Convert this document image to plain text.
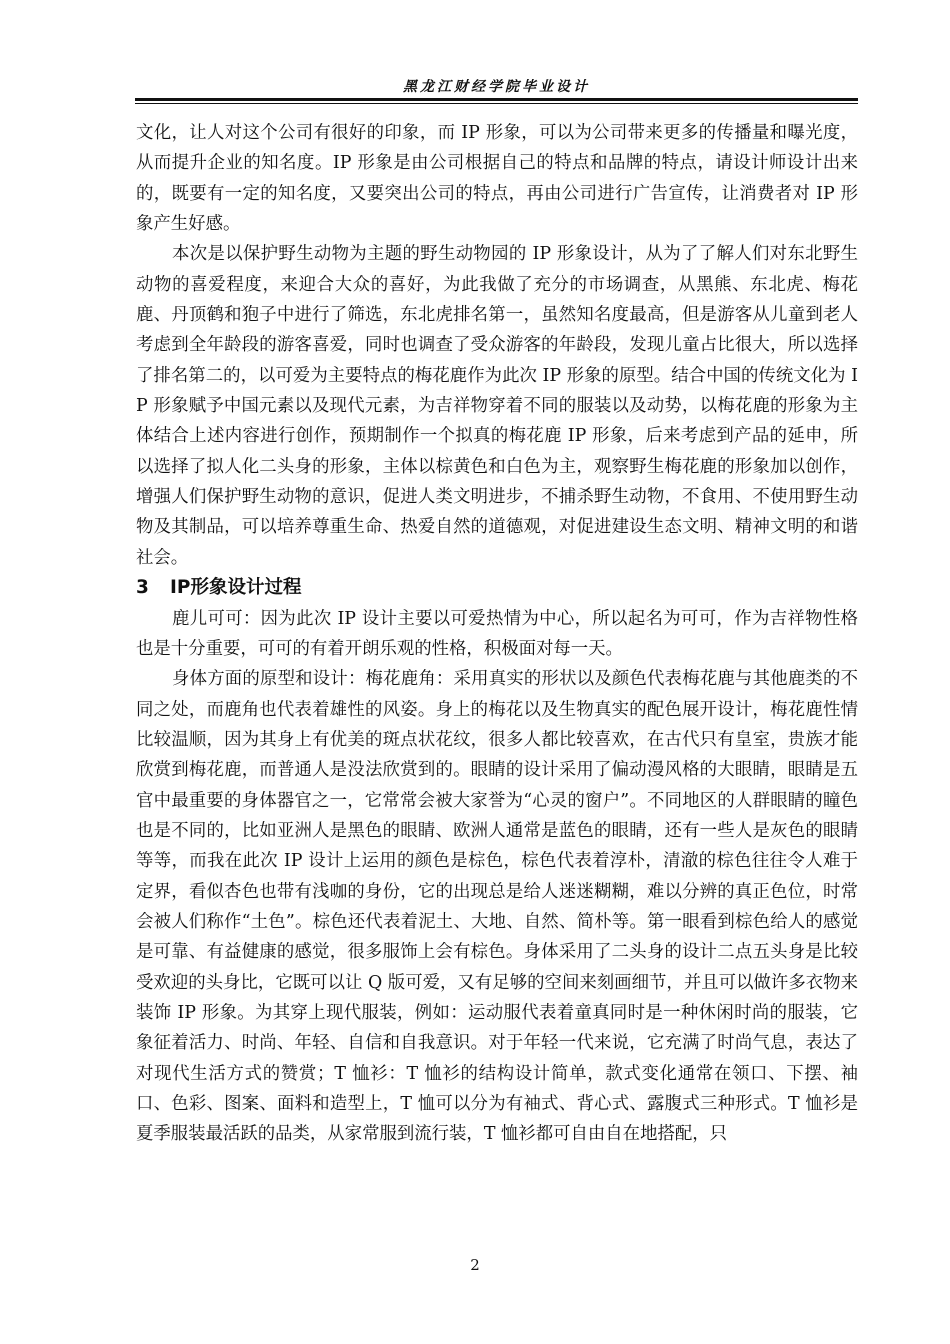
黑龙江财经学院毕业设计

文化，让人对这个公司有很好的印象，而 IP 形象，可以为公司带来更多的传播量和曝光度，从而提升企业的知名度。IP 形象是由公司根据自己的特点和品牌的特点，请设计师设计出来的，既要有一定的知名度，又要突出公司的特点，再由公司进行广告宣传，让消费者对 IP 形象产生好感。

本次是以保护野生动物为主题的野生动物园的 IP 形象设计，从为了了解人们对东北野生动物的喜爱程度，来迎合大众的喜好，为此我做了充分的市场调查，从黑熊、东北虎、梅花鹿、丹顶鹤和狍子中进行了筛选，东北虎排名第一，虽然知名度最高，但是游客从儿童到老人考虑到全年龄段的游客喜爱，同时也调查了受众游客的年龄段，发现儿童占比很大，所以选择了排名第二的，以可爱为主要特点的梅花鹿作为此次 IP 形象的原型。结合中国的传统文化为 IP 形象赋予中国元素以及现代元素，为吉祥物穿着不同的服装以及动势，以梅花鹿的形象为主体结合上述内容进行创作，预期制作一个拟真的梅花鹿 IP 形象，后来考虑到产品的延申，所以选择了拟人化二头身的形象，主体以棕黄色和白色为主，观察野生梅花鹿的形象加以创作，增强人们保护野生动物的意识，促进人类文明进步，不捕杀野生动物，不食用、不使用野生动物及其制品，可以培养尊重生命、热爱自然的道德观，对促进建设生态文明、精神文明的和谐社会。

3 IP形象设计过程

鹿儿可可：因为此次 IP 设计主要以可爱热情为中心，所以起名为可可，作为吉祥物性格也是十分重要，可可的有着开朗乐观的性格，积极面对每一天。

身体方面的原型和设计：梅花鹿角：采用真实的形状以及颜色代表梅花鹿与其他鹿类的不同之处，而鹿角也代表着雄性的风姿。身上的梅花以及生物真实的配色展开设计，梅花鹿性情比较温顺，因为其身上有优美的斑点状花纹，很多人都比较喜欢，在古代只有皇室，贵族才能欣赏到梅花鹿，而普通人是没法欣赏到的。眼睛的设计采用了偏动漫风格的大眼睛，眼睛是五官中最重要的身体器官之一，它常常会被大家誉为“心灵的窗户”。不同地区的人群眼睛的瞳色也是不同的，比如亚洲人是黑色的眼睛、欧洲人通常是蓝色的眼睛，还有一些人是灰色的眼睛等等，而我在此次 IP 设计上运用的颜色是棕色，棕色代表着淳朴，清澈的棕色往往令人难于定界，看似杏色也带有浅咖的身份，它的出现总是给人迷迷糊糊，难以分辨的真正色位，时常会被人们称作“土色”。棕色还代表着泥土、大地、自然、简朴等。第一眼看到棕色给人的感觉是可靠、有益健康的感觉，很多服饰上会有棕色。身体采用了二头身的设计二点五头身是比较受欢迎的头身比，它既可以让 Q 版可爱，又有足够的空间来刻画细节，并且可以做许多衣物来装饰 IP 形象。为其穿上现代服装，例如：运动服代表着童真同时是一种休闲时尚的服装，它象征着活力、时尚、年轻、自信和自我意识。对于年轻一代来说，它充满了时尚气息，表达了对现代生活方式的赞赏；T 恤衫：T 恤衫的结构设计简单，款式变化通常在领口、下摆、袖口、色彩、图案、面料和造型上，T 恤可以分为有袖式、背心式、露腹式三种形式。T 恤衫是夏季服装最活跃的品类，从家常服到流行装，T 恤衫都可自由自在地搭配，只

2
